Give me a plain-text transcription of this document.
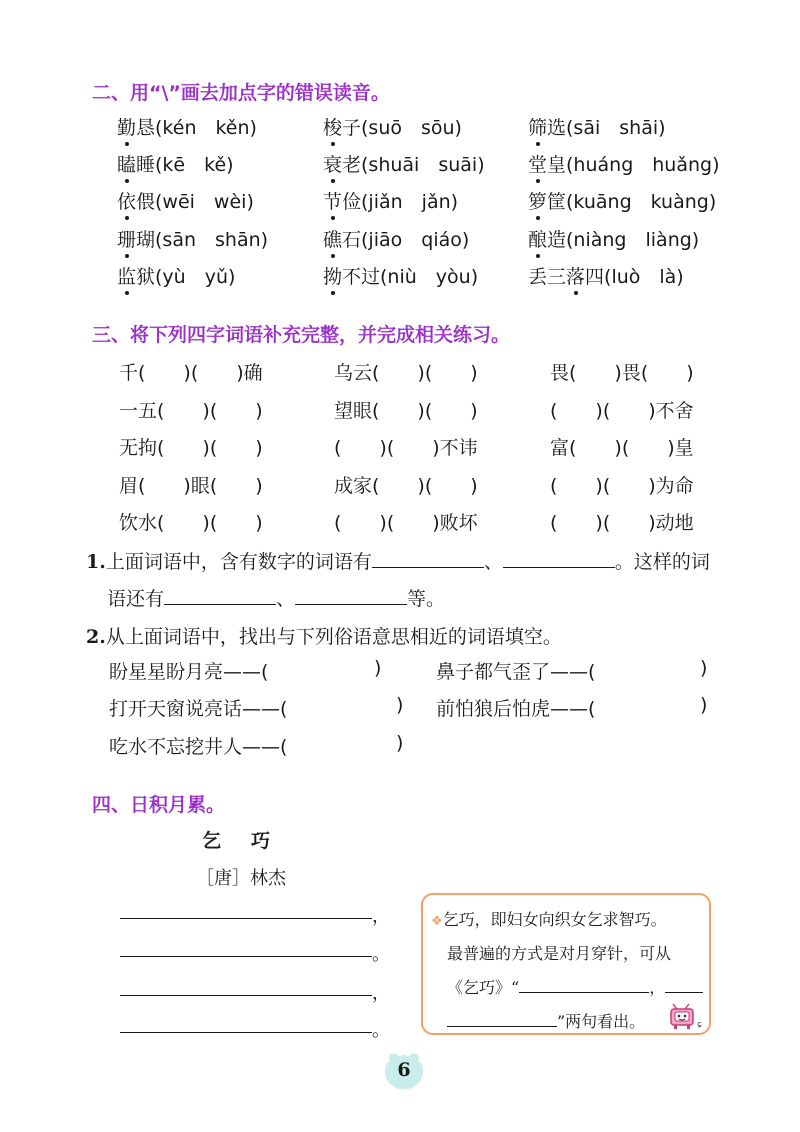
二、用“\”画去加点字的错误读音。
勤恳(kén　kěn)	梭子(suō　sōu)	筛选(sāi　shāi)
瞌睡(kē　kě)	衰老(shuāi　suāi) 堂皇(huáng　huǎng)
依偎(wēi　wèi)	节俭(jiǎn　jǎn)	箩筐(kuāng　kuàng)
珊瑚(sān　shān)	礁石(jiāo　qiáo)	酿造(niàng　liàng)
监狱(yù　yǔ)	拗不过(niù　yòu)	丢三落四(luò　là)
三、将下列四字词语补充完整，并完成相关练习。
千(　　)(　　)确	乌云(　　)(　　)	畏(　　)畏(　　)
一五(　　)(　　)	望眼(　　)(　　)	(　　)(　　)不舍
无拘(　　)(　　)	(　　)(　　)不讳	富(　　)(　　)皇
眉(　　)眼(　　)	成家(　　)(　　)	(　　)(　　)为命
饮水(　　)(　　)	(　　)(　　)败坏	(　　)(　　)动地
1.上面词语中，含有数字的词语有	、	。这样的词
语还有	、	等。
2.从上面词语中，找出与下列俗语意思相近的词语填空。
盼星星盼月亮——(	)	鼻子都气歪了——(	)
打开天窗说亮话——(	) 前怕狼后怕虎——(	)
吃水不忘挖井人——(	)
四、日积月累。
乞巧
［唐］林杰
，
。
，
。
❖乞巧，即妇女向织女乞求智巧。
最普遍的方式是对月穿针，可从
《乞巧》“	，
”两句看出。	ɕ
6
